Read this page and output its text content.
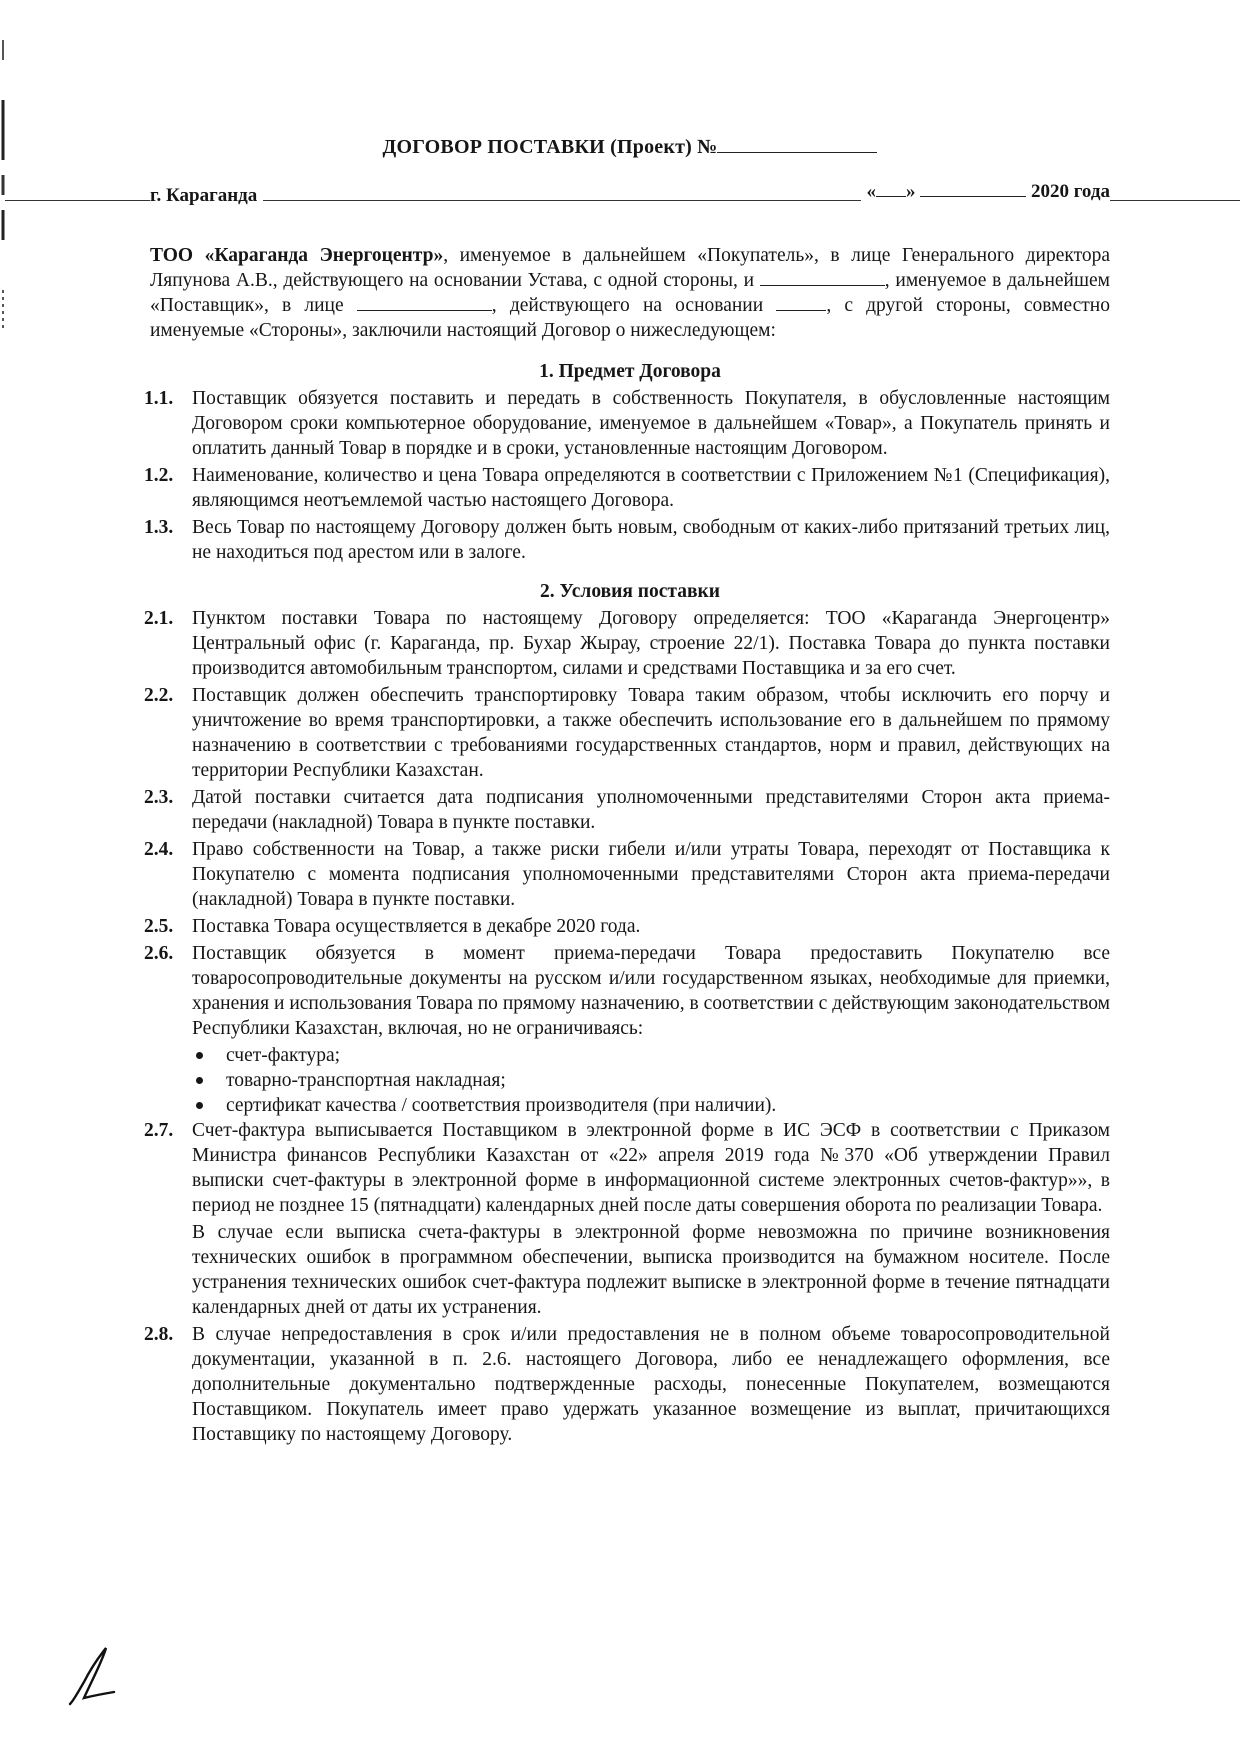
ДОГОВОР ПОСТАВКИ (Проект) №
г. Караганда	« »	2020 года

ТОО «Караганда Энергоцентр», именуемое в дальнейшем «Покупатель», в лице Генерального директора Ляпунова А.В., действующего на основании Устава, с одной стороны, и	, именуемое в дальнейшем «Поставщик», в лице	, действующего на основании	, с другой стороны, совместно именуемые «Стороны», заключили настоящий Договор о нижеследующем:

1. Предмет Договора
1.1. Поставщик обязуется поставить и передать в собственность Покупателя, в обусловленные настоящим Договором сроки компьютерное оборудование, именуемое в дальнейшем «Товар», а Покупатель принять и оплатить данный Товар в порядке и в сроки, установленные настоящим Договором.
1.2. Наименование, количество и цена Товара определяются в соответствии с Приложением №1 (Спецификация), являющимся неотъемлемой частью настоящего Договора.
1.3. Весь Товар по настоящему Договору должен быть новым, свободным от каких-либо притязаний третьих лиц, не находиться под арестом или в залоге.
2. Условия поставки
2.1. Пунктом поставки Товара по настоящему Договору определяется: ТОО «Караганда Энергоцентр» Центральный офис (г. Караганда, пр. Бухар Жырау, строение 22/1). Поставка Товара до пункта поставки производится автомобильным транспортом, силами и средствами Поставщика и за его счет.
2.2. Поставщик должен обеспечить транспортировку Товара таким образом, чтобы исключить его порчу и уничтожение во время транспортировки, а также обеспечить использование его в дальнейшем по прямому назначению в соответствии с требованиями государственных стандартов, норм и правил, действующих на территории Республики Казахстан.
2.3. Датой поставки считается дата подписания уполномоченными представителями Сторон акта приема-передачи (накладной) Товара в пункте поставки.
2.4. Право собственности на Товар, а также риски гибели и/или утраты Товара, переходят от Поставщика к Покупателю с момента подписания уполномоченными представителями Сторон акта приема-передачи (накладной) Товара в пункте поставки.
2.5. Поставка Товара осуществляется в декабре 2020 года.
2.6. Поставщик обязуется в момент приема-передачи Товара предоставить Покупателю все товаросопроводительные документы на русском и/или государственном языках, необходимые для приемки, хранения и использования Товара по прямому назначению, в соответствии с действующим законодательством Республики Казахстан, включая, но не ограничиваясь:
счет-фактура;
товарно-транспортная накладная;
сертификат качества / соответствия производителя (при наличии).
2.7. Счет-фактура выписывается Поставщиком в электронной форме в ИС ЭСФ в соответствии с Приказом Министра финансов Республики Казахстан от «22» апреля 2019 года №370 «Об утверждении Правил выписки счет-фактуры в электронной форме в информационной системе электронных счетов-фактур»», в период не позднее 15 (пятнадцати) календарных дней после даты совершения оборота по реализации Товара.
В случае если выписка счета-фактуры в электронной форме невозможна по причине возникновения технических ошибок в программном обеспечении, выписка производится на бумажном носителе. После устранения технических ошибок счет-фактура подлежит выписке в электронной форме в течение пятнадцати календарных дней от даты их устранения.
2.8. В случае непредоставления в срок и/или предоставления не в полном объеме товаросопроводительной документации, указанной в п. 2.6. настоящего Договора, либо ее ненадлежащего оформления, все дополнительные документально подтвержденные расходы, понесенные Покупателем, возмещаются Поставщиком. Покупатель имеет право удержать указанное возмещение из выплат, причитающихся Поставщику по настоящему Договору.
